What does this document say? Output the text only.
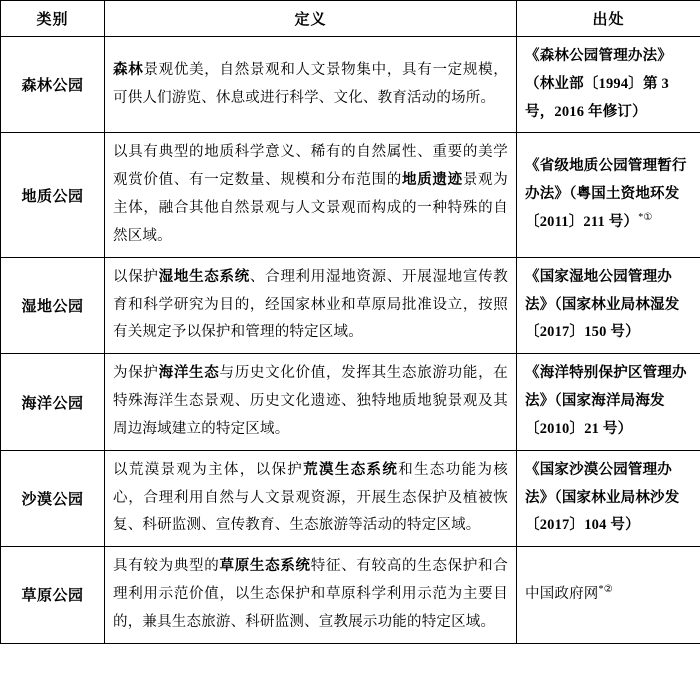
类别	定义	出处
森林公园	森林景观优美，自然景观和人文景物集中，具有一定规模，可供人们游览、休息或进行科学、文化、教育活动的场所。	《森林公园管理办法》（林业部〔1994〕第 3 号，2016 年修订）
地质公园	以具有典型的地质科学意义、稀有的自然属性、重要的美学观赏价值、有一定数量、规模和分布范围的地质遗迹景观为主体，融合其他自然景观与人文景观而构成的一种特殊的自然区域。	《省级地质公园管理暂行办法》（粤国土资地环发〔2011〕211 号）*①
湿地公园	以保护湿地生态系统、合理利用湿地资源、开展湿地宣传教育和科学研究为目的，经国家林业和草原局批准设立，按照有关规定予以保护和管理的特定区域。	《国家湿地公园管理办法》（国家林业局林湿发〔2017〕150 号）
海洋公园	为保护海洋生态与历史文化价值，发挥其生态旅游功能，在特殊海洋生态景观、历史文化遗迹、独特地质地貌景观及其周边海域建立的特定区域。	《海洋特别保护区管理办法》（国家海洋局海发〔2010〕21 号）
沙漠公园	以荒漠景观为主体，以保护荒漠生态系统和生态功能为核心，合理利用自然与人文景观资源，开展生态保护及植被恢复、科研监测、宣传教育、生态旅游等活动的特定区域。	《国家沙漠公园管理办法》（国家林业局林沙发〔2017〕104 号）
草原公园	具有较为典型的草原生态系统特征、有较高的生态保护和合理利用示范价值，以生态保护和草原科学利用示范为主要目的，兼具生态旅游、科研监测、宣教展示功能的特定区域。	中国政府网*②
